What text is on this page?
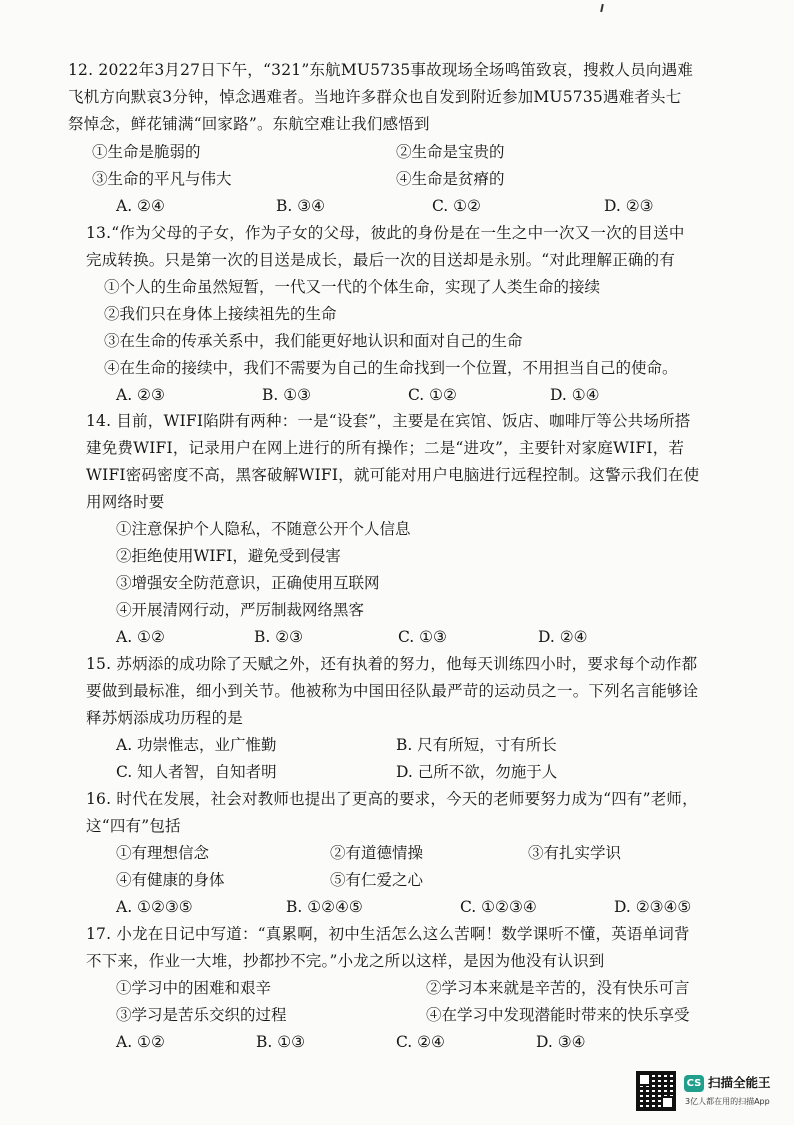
12. 2022年3月27日下午，“321”东航MU5735事故现场全场鸣笛致哀，搜救人员向遇难
飞机方向默哀3分钟，悼念遇难者。当地许多群众也自发到附近参加MU5735遇难者头七
祭悼念，鲜花铺满“回家路”。东航空难让我们感悟到
①生命是脆弱的	②生命是宝贵的
③生命的平凡与伟大	④生命是贫瘠的
A. ②④	B. ③④	C. ①②	D. ②③
13.“作为父母的子女，作为子女的父母，彼此的身份是在一生之中一次又一次的目送中
完成转换。只是第一次的目送是成长，最后一次的目送却是永别。“对此理解正确的有
①个人的生命虽然短暂，一代又一代的个体生命，实现了人类生命的接续
②我们只在身体上接续祖先的生命
③在生命的传承关系中，我们能更好地认识和面对自己的生命
④在生命的接续中，我们不需要为自己的生命找到一个位置，不用担当自己的使命。
A. ②③	B. ①③	C. ①②	D. ①④
14. 目前，WIFI陷阱有两种：一是“设套”，主要是在宾馆、饭店、咖啡厅等公共场所搭
建免费WIFI，记录用户在网上进行的所有操作；二是“进攻”，主要针对家庭WIFI，若
WIFI密码密度不高，黑客破解WIFI，就可能对用户电脑进行远程控制。这警示我们在使
用网络时要
①注意保护个人隐私，不随意公开个人信息
②拒绝使用WIFI，避免受到侵害
③增强安全防范意识，正确使用互联网
④开展清网行动，严厉制裁网络黑客
A. ①②	B. ②③	C. ①③	D. ②④
15. 苏炳添的成功除了天赋之外，还有执着的努力，他每天训练四小时，要求每个动作都
要做到最标准，细小到关节。他被称为中国田径队最严苛的运动员之一。下列名言能够诠
释苏炳添成功历程的是
A. 功崇惟志，业广惟勤	B. 尺有所短，寸有所长
C. 知人者智，自知者明	D. 己所不欲，勿施于人
16. 时代在发展，社会对教师也提出了更高的要求，今天的老师要努力成为“四有”老师，
这“四有”包括
①有理想信念	②有道德情操	③有扎实学识
④有健康的身体	⑤有仁爱之心
A. ①②③⑤	B. ①②④⑤	C. ①②③④	D. ②③④⑤
17. 小龙在日记中写道：“真累啊，初中生活怎么这么苦啊！数学课听不懂，英语单词背
不下来，作业一大堆，抄都抄不完。”小龙之所以这样，是因为他没有认识到
①学习中的困难和艰辛	②学习本来就是辛苦的，没有快乐可言
③学习是苦乐交织的过程	④在学习中发现潜能时带来的快乐享受
A. ①②	B. ①③	C. ②④	D. ③④
CS 扫描全能王
3亿人都在用的扫描App
